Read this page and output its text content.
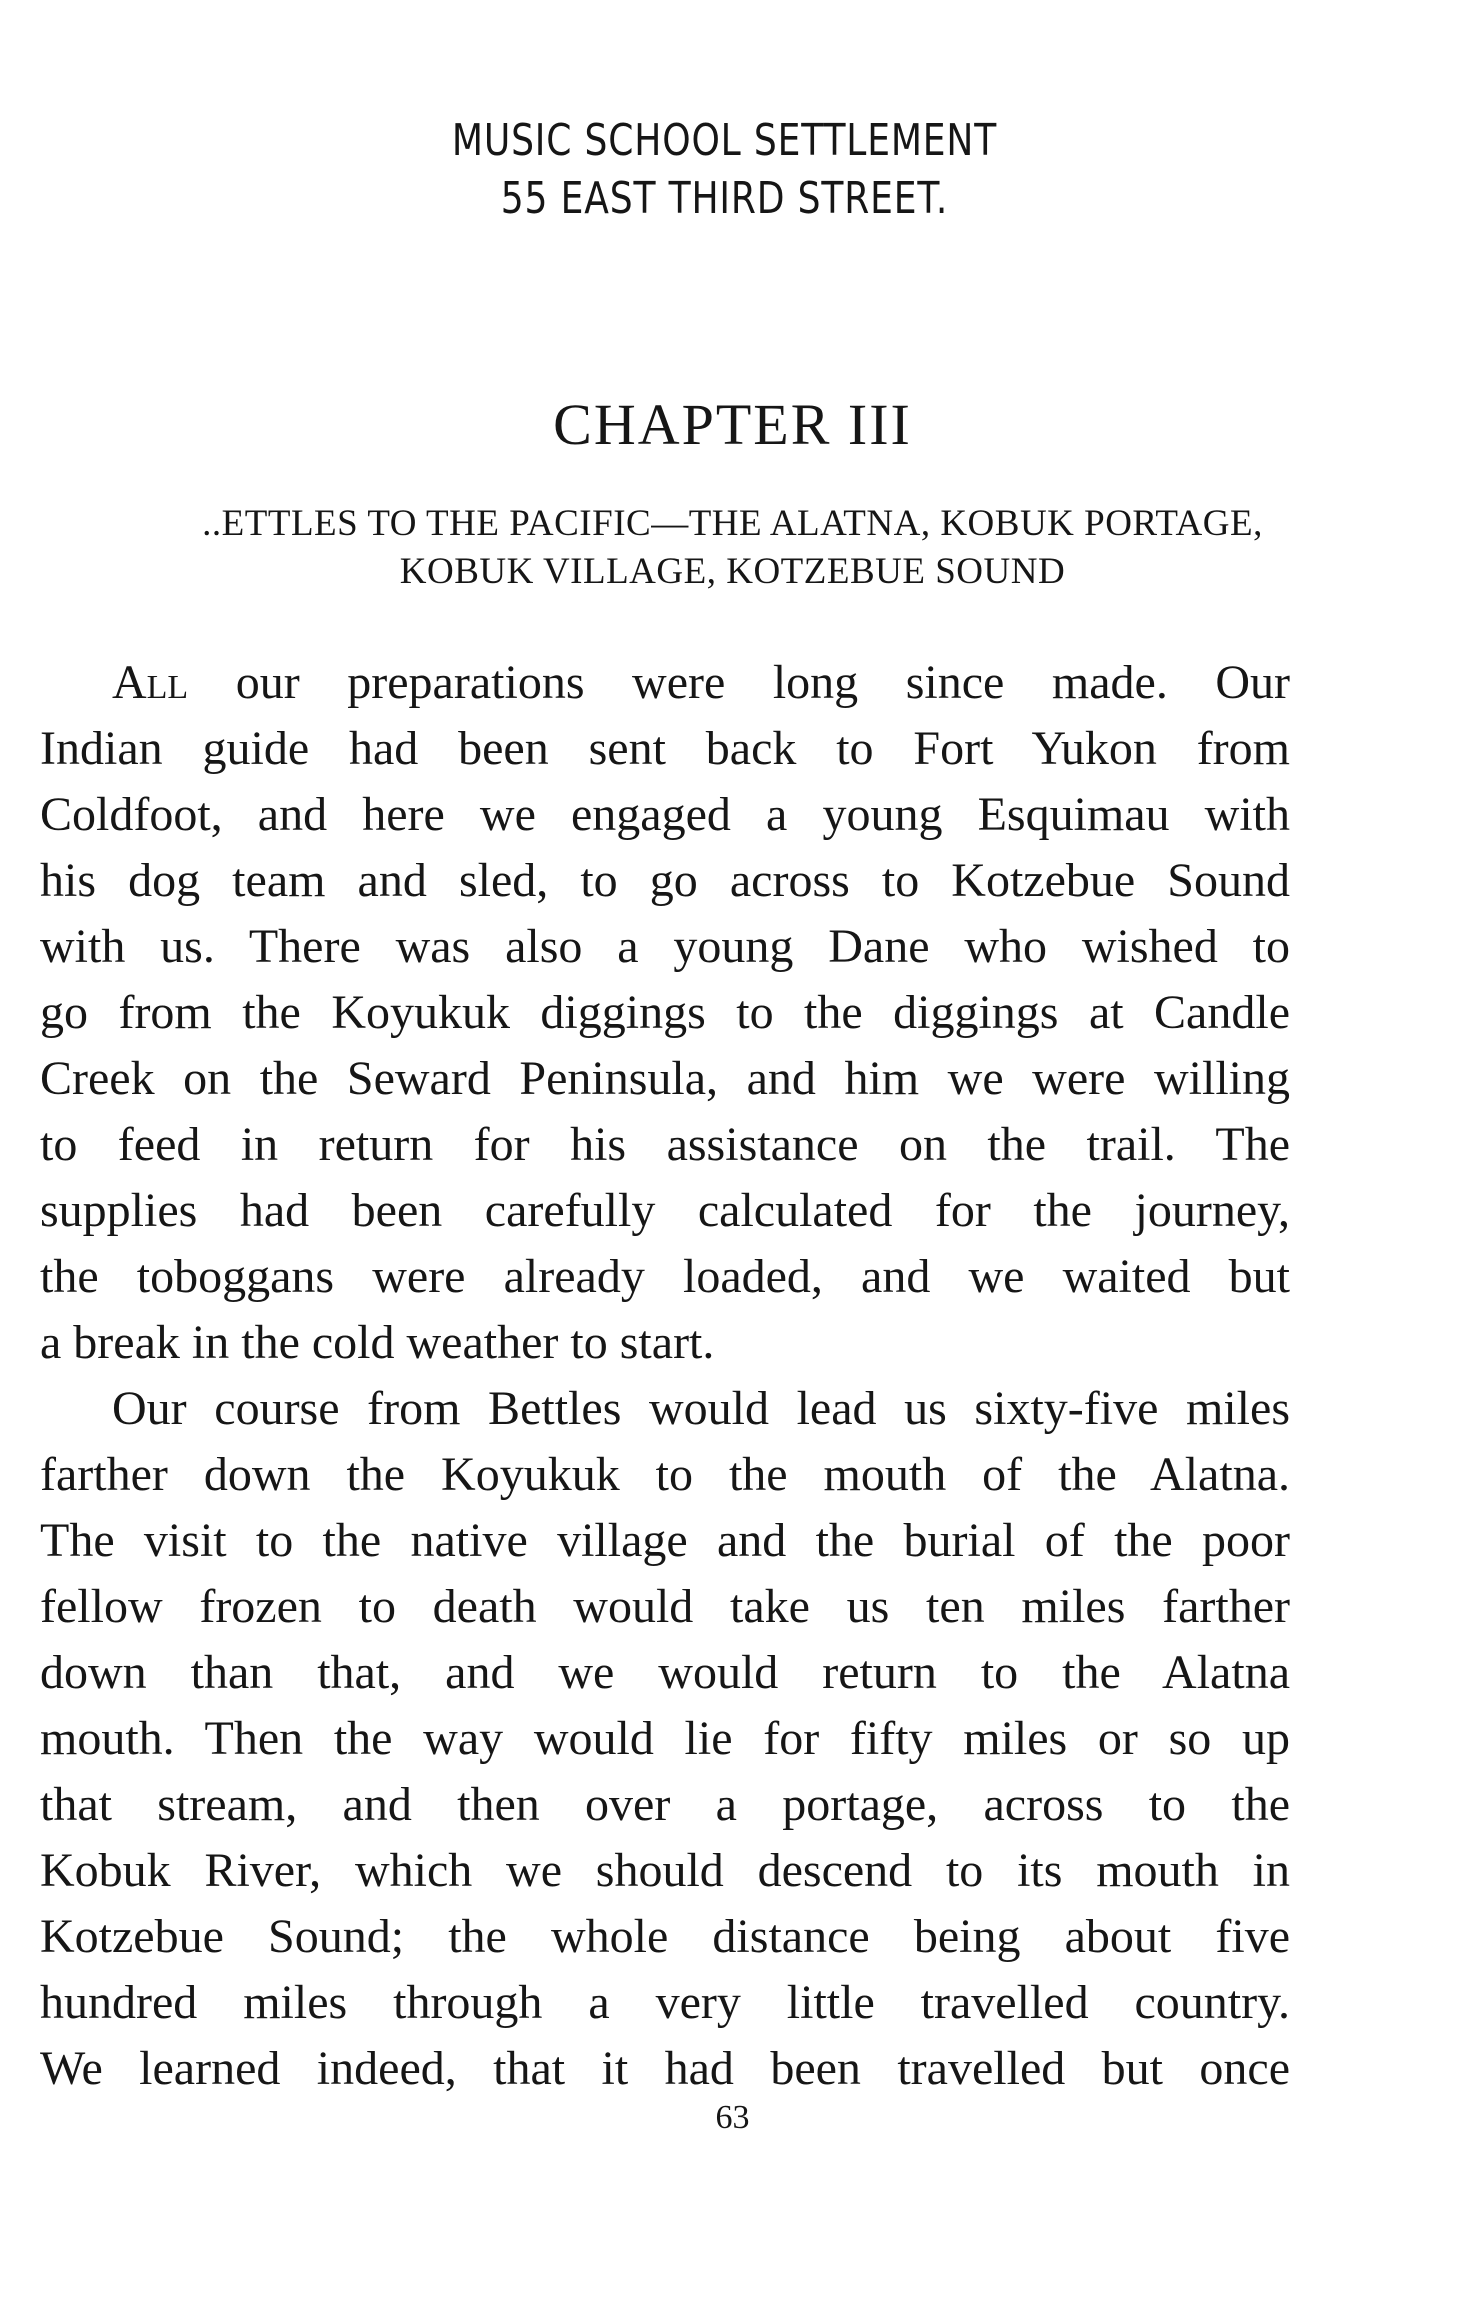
MUSIC SCHOOL SETTLEMENT
55 EAST THIRD STREET.
CHAPTER III
..ETTLES TO THE PACIFIC—THE ALATNA, KOBUK PORTAGE,
KOBUK VILLAGE, KOTZEBUE SOUND
All our preparations were long since made. Our
Indian guide had been sent back to Fort Yukon from
Coldfoot, and here we engaged a young Esquimau with
his dog team and sled, to go across to Kotzebue Sound
with us. There was also a young Dane who wished to
go from the Koyukuk diggings to the diggings at Candle
Creek on the Seward Peninsula, and him we were willing
to feed in return for his assistance on the trail. The
supplies had been carefully calculated for the journey,
the toboggans were already loaded, and we waited but
a break in the cold weather to start.
Our course from Bettles would lead us sixty-five miles
farther down the Koyukuk to the mouth of the Alatna.
The visit to the native village and the burial of the poor
fellow frozen to death would take us ten miles farther
down than that, and we would return to the Alatna
mouth. Then the way would lie for fifty miles or so up
that stream, and then over a portage, across to the
Kobuk River, which we should descend to its mouth in
Kotzebue Sound; the whole distance being about five
hundred miles through a very little travelled country.
We learned indeed, that it had been travelled but once
63
